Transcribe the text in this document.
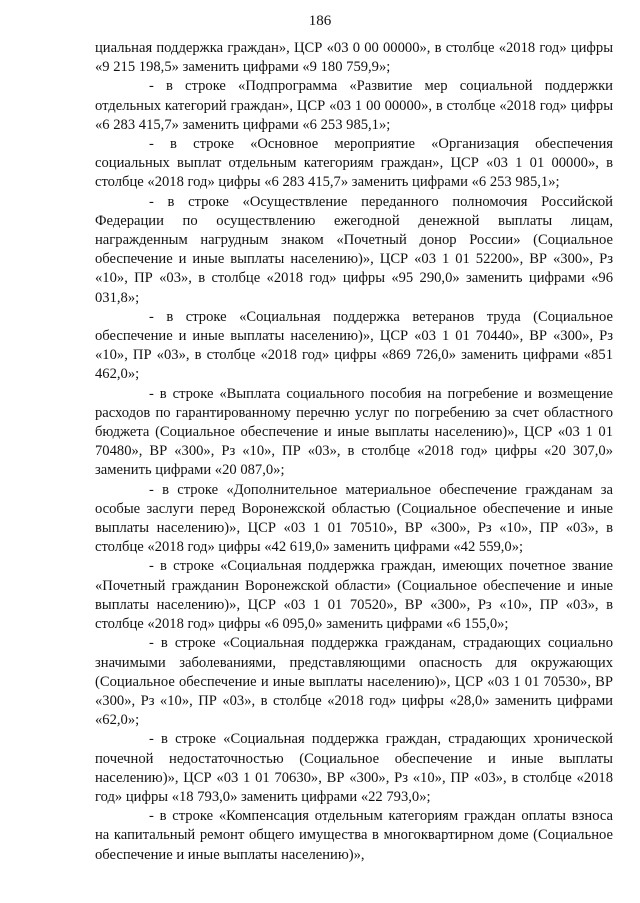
186

циальная поддержка граждан», ЦСР «03 0 00 00000», в столбце «2018 год» цифры «9 215 198,5» заменить цифрами «9 180 759,9»;

- в строке «Подпрограмма «Развитие мер социальной поддержки отдельных категорий граждан», ЦСР «03 1 00 00000», в столбце «2018 год» цифры «6 283 415,7» заменить цифрами «6 253 985,1»;

- в строке «Основное мероприятие «Организация обеспечения социальных выплат отдельным категориям граждан», ЦСР «03 1 01 00000», в столбце «2018 год» цифры «6 283 415,7» заменить цифрами «6 253 985,1»;

- в строке «Осуществление переданного полномочия Российской Федерации по осуществлению ежегодной денежной выплаты лицам, награжденным нагрудным знаком «Почетный донор России» (Социальное обеспечение и иные выплаты населению)», ЦСР «03 1 01 52200», ВР «300», Рз «10», ПР «03», в столбце «2018 год» цифры «95 290,0» заменить цифрами «96 031,8»;

- в строке «Социальная поддержка ветеранов труда (Социальное обеспечение и иные выплаты населению)», ЦСР «03 1 01 70440», ВР «300», Рз «10», ПР «03», в столбце «2018 год» цифры «869 726,0» заменить цифрами «851 462,0»;

- в строке «Выплата социального пособия на погребение и возмещение расходов по гарантированному перечню услуг по погребению за счет областного бюджета (Социальное обеспечение и иные выплаты населению)», ЦСР «03 1 01 70480», ВР «300», Рз «10», ПР «03», в столбце «2018 год» цифры «20 307,0» заменить цифрами «20 087,0»;

- в строке «Дополнительное материальное обеспечение гражданам за особые заслуги перед Воронежской областью (Социальное обеспечение и иные выплаты населению)», ЦСР «03 1 01 70510», ВР «300», Рз «10», ПР «03», в столбце «2018 год» цифры «42 619,0» заменить цифрами «42 559,0»;

- в строке «Социальная поддержка граждан, имеющих почетное звание «Почетный гражданин Воронежской области» (Социальное обеспечение и иные выплаты населению)», ЦСР «03 1 01 70520», ВР «300», Рз «10», ПР «03», в столбце «2018 год» цифры «6 095,0» заменить цифрами «6 155,0»;

- в строке «Социальная поддержка гражданам, страдающих социально значимыми заболеваниями, представляющими опасность для окружающих (Социальное обеспечение и иные выплаты населению)», ЦСР «03 1 01 70530», ВР «300», Рз «10», ПР «03», в столбце «2018 год» цифры «28,0» заменить цифрами «62,0»;

- в строке «Социальная поддержка граждан, страдающих хронической почечной недостаточностью (Социальное обеспечение и иные выплаты населению)», ЦСР «03 1 01 70630», ВР «300», Рз «10», ПР «03», в столбце «2018 год» цифры «18 793,0» заменить цифрами «22 793,0»;

- в строке «Компенсация отдельным категориям граждан оплаты взноса на капитальный ремонт общего имущества в многоквартирном доме (Социальное обеспечение и иные выплаты населению)»,
